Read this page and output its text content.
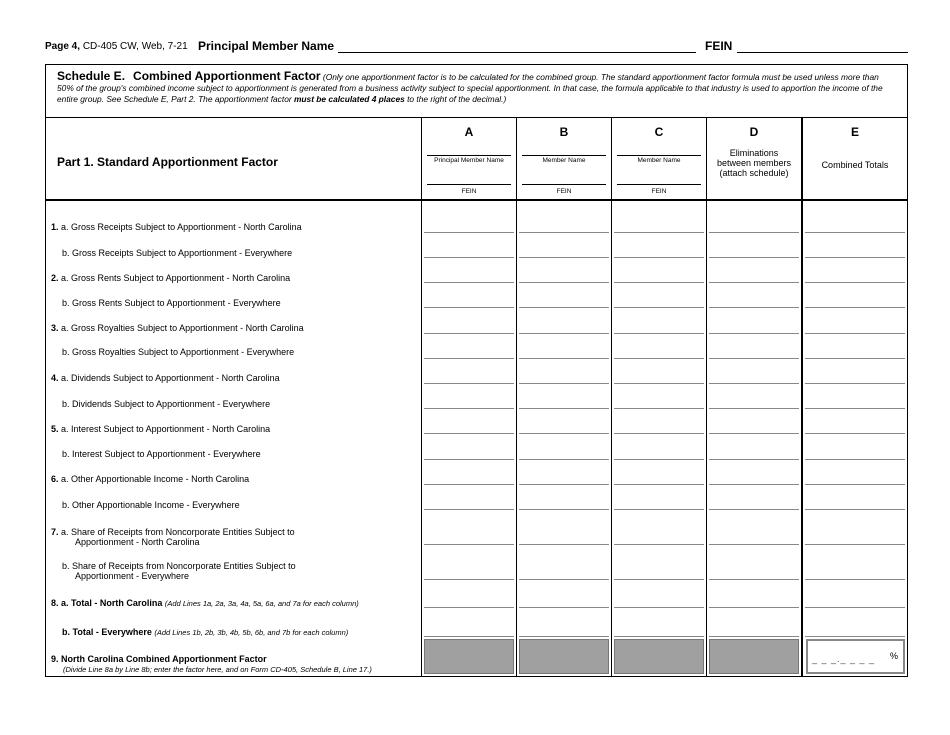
Page 4, CD-405 CW, Web, 7-21 Principal Member Name	FEIN
Schedule E. Combined Apportionment Factor (Only one apportionment factor is to be calculated for the combined group. The standard apportionment factor formula must be used unless more than 50% of the group's combined income subject to apportionment is generated from a business activity subject to special apportionment. In that case, the formula applicable to that industry is used to apportion the income of the entire group. See Schedule E, Part 2. The apportionment factor must be calculated 4 places to the right of the decimal.)
Part 1. Standard Apportionment Factor
A
Principal Member Name
FEIN
B
Member Name
FEIN
C
Member Name
FEIN
D
Eliminations
between members
(attach schedule)
E
Combined Totals
1. a. Gross Receipts Subject to Apportionment - North Carolina
b. Gross Receipts Subject to Apportionment - Everywhere
2. a. Gross Rents Subject to Apportionment - North Carolina
b. Gross Rents Subject to Apportionment - Everywhere
3. a. Gross Royalties Subject to Apportionment - North Carolina
b. Gross Royalties Subject to Apportionment - Everywhere
4. a. Dividends Subject to Apportionment - North Carolina
b. Dividends Subject to Apportionment - Everywhere
5. a. Interest Subject to Apportionment - North Carolina
b. Interest Subject to Apportionment - Everywhere
6. a. Other Apportionable Income - North Carolina
b. Other Apportionable Income - Everywhere
7. a. Share of Receipts from Noncorporate Entities Subject to
Apportionment - North Carolina
b. Share of Receipts from Noncorporate Entities Subject to
Apportionment - Everywhere
8. a. Total - North Carolina (Add Lines 1a, 2a, 3a, 4a, 5a, 6a, and 7a for each column)
b. Total - Everywhere (Add Lines 1b, 2b, 3b, 4b, 5b, 6b, and 7b for each column)
9. North Carolina Combined Apportionment Factor
(Divide Line 8a by Line 8b; enter the factor here, and on Form CD-405, Schedule B, Line 17.)
_ _ _._ _ _ _ %
